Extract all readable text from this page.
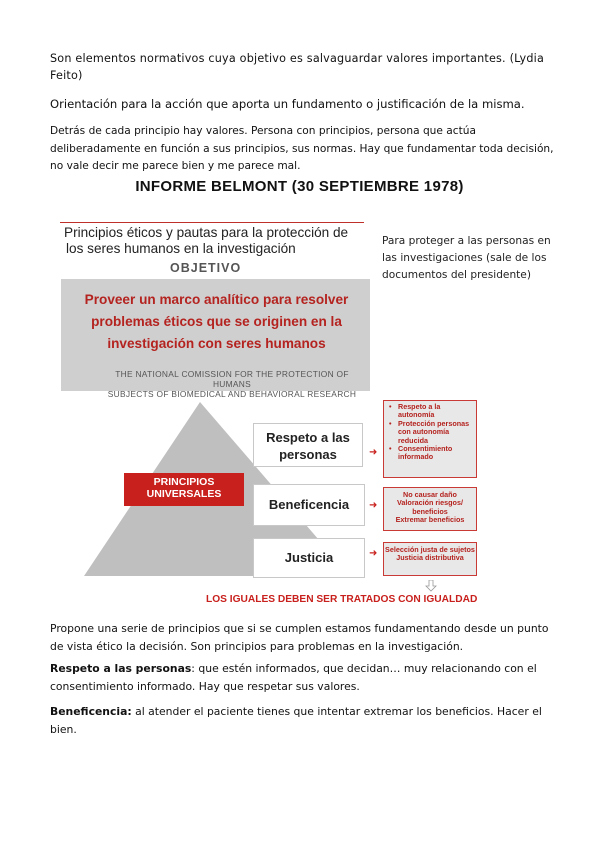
Son elementos normativos cuya objetivo es salvaguardar valores importantes. (Lydia Feito)
Orientación para la acción que aporta un fundamento o justificación de la misma.
Detrás de cada principio hay valores. Persona con principios, persona que actúa deliberadamente en función a sus principios, sus normas. Hay que fundamentar toda decisión, no vale decir me parece bien y me parece mal.
INFORME BELMONT (30 SEPTIEMBRE 1978)
Principios éticos y pautas para la protección de
los seres humanos en la investigación
OBJETIVO
Proveer un marco analítico para resolver problemas éticos que se originen en la investigación con seres humanos
THE NATIONAL COMISSION FOR THE PROTECTION OF HUMANS
SUBJECTS OF BIOMEDICAL AND BEHAVIORAL RESEARCH
Para proteger a las personas en las investigaciones (sale de los documentos del presidente)
Respeto a las
personas
Beneficencia
Justicia
PRINCIPIOS
UNIVERSALES
➜
➜
➜
• Respeto a la autonomía
• Protección personas con autonomía reducida
• Consentimiento informado
No causar daño
Valoración riesgos/ beneficios
Extremar beneficios
Selección justa de sujetos
Justicia distributiva
LOS IGUALES DEBEN SER TRATADOS CON IGUALDAD
Propone una serie de principios que si se cumplen estamos fundamentando desde un punto de vista ético la decisión. Son principios para problemas en la investigación.
Respeto a las personas: que estén informados, que decidan… muy relacionando con el consentimiento informado. Hay que respetar sus valores.
Beneficencia: al atender el paciente tienes que intentar extremar los beneficios. Hacer el bien.
